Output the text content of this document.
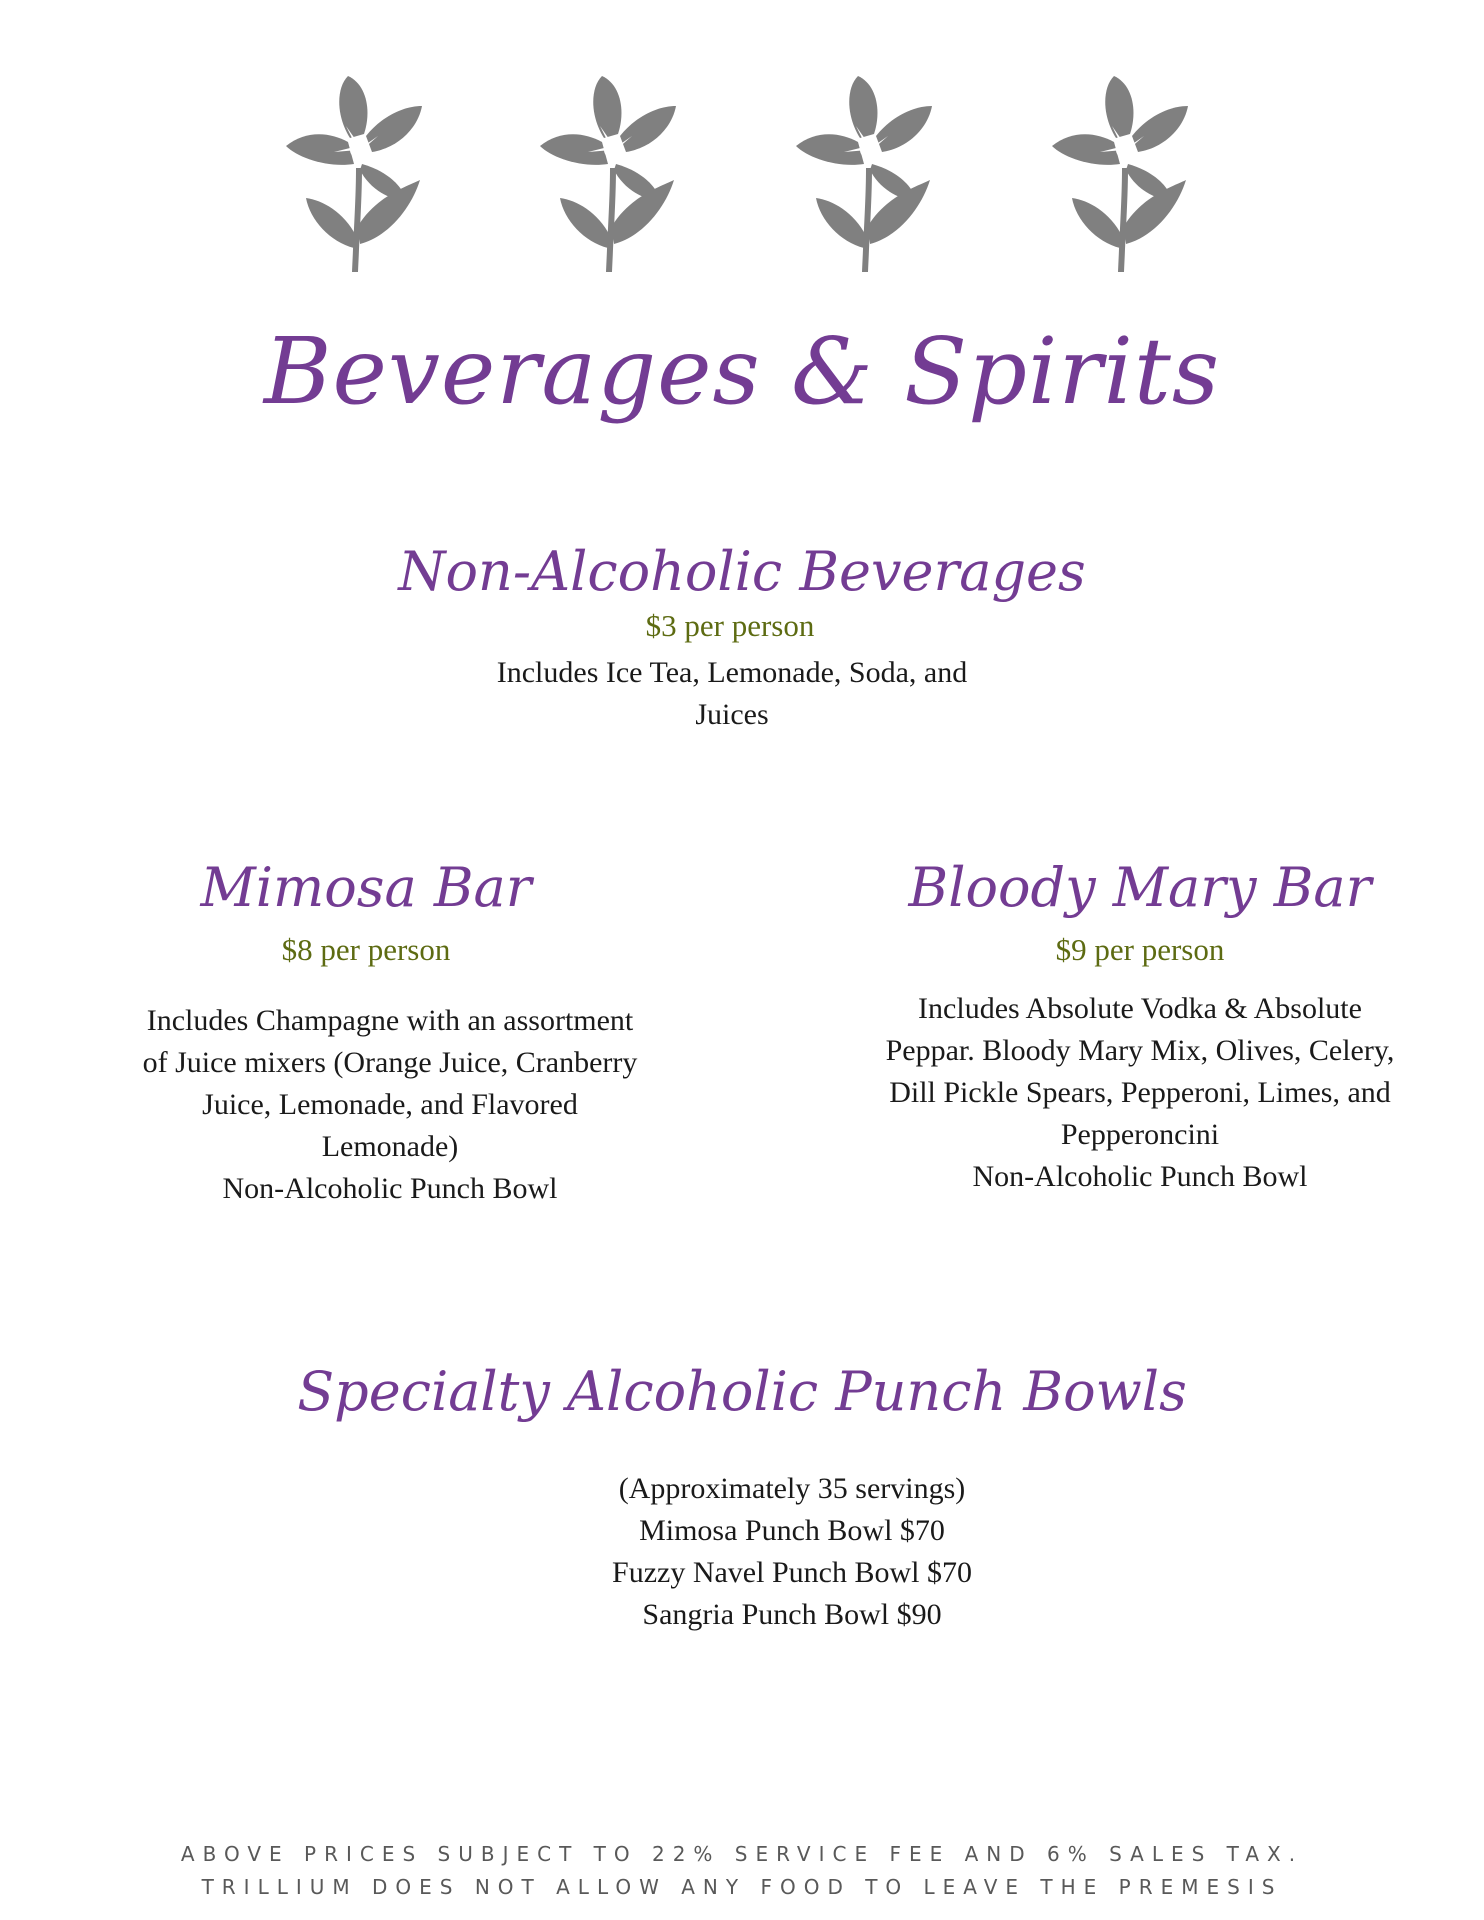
Beverages & Spirits
Non-Alcoholic Beverages
$3 per person
Includes Ice Tea, Lemonade, Soda, and
Juices
Mimosa Bar
$8 per person
Includes Champagne with an assortment
of Juice mixers (Orange Juice, Cranberry
Juice, Lemonade, and Flavored
Lemonade)
Non-Alcoholic Punch Bowl
Bloody Mary Bar
$9 per person
Includes Absolute Vodka & Absolute
Peppar. Bloody Mary Mix, Olives, Celery,
Dill Pickle Spears, Pepperoni, Limes, and
Pepperoncini
Non-Alcoholic Punch Bowl
Specialty Alcoholic Punch Bowls
(Approximately 35 servings)
Mimosa Punch Bowl $70
Fuzzy Navel Punch Bowl $70
Sangria Punch Bowl $90
ABOVE PRICES SUBJECT TO 22% SERVICE FEE AND 6% SALES TAX.
TRILLIUM DOES NOT ALLOW ANY FOOD TO LEAVE THE PREMESIS
